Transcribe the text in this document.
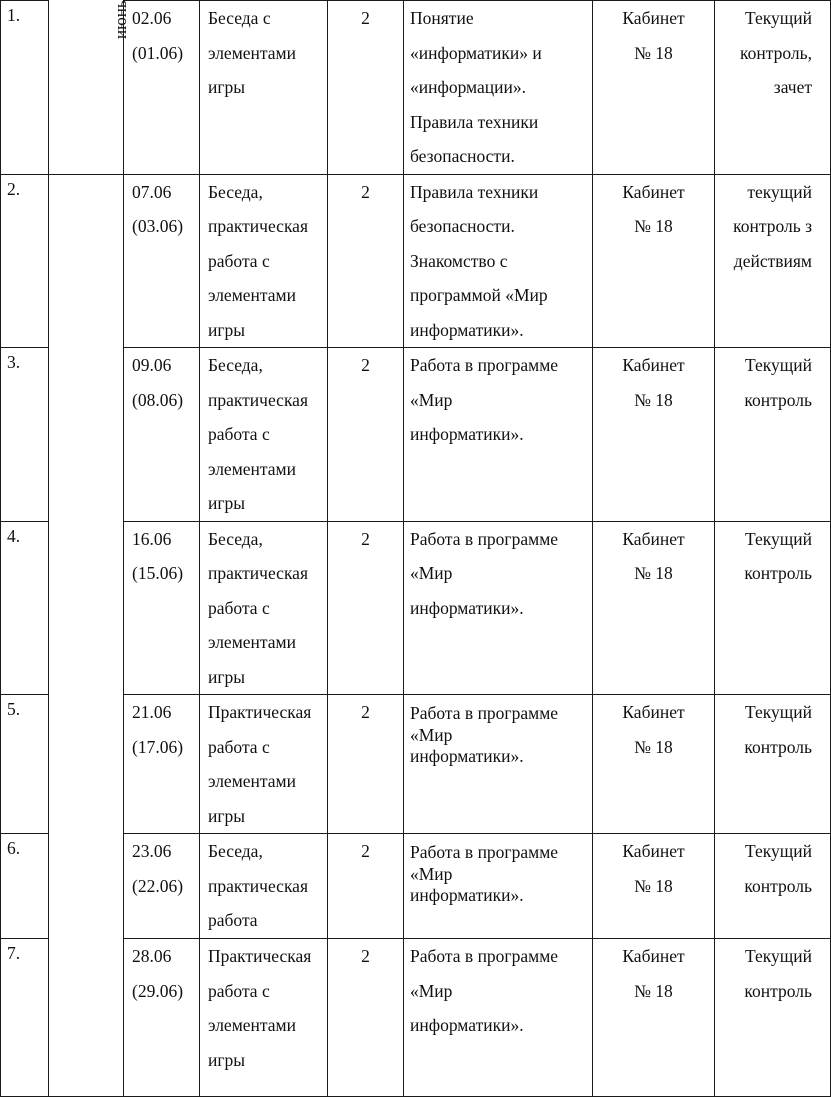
1.	июнь	02.06
(01.06)	Беседа с
элементами
игры	2	Понятие
«информатики» и
«информации».
Правила техники
безопасности.	Кабинет
№ 18	Текущий
контроль,
зачет

2.		07.06
(03.06)	Беседа,
практическая
работа с
элементами
игры	2	Правила техники
безопасности.
Знакомство с
программой «Мир
информатики».	Кабинет
№ 18	текущий
контроль з
действиям

3.		09.06
(08.06)	Беседа,
практическая
работа с
элементами
игры	2	Работа в программе
«Мир
информатики».	Кабинет
№ 18	Текущий
контроль

4.		16.06
(15.06)	Беседа,
практическая
работа с
элементами
игры	2	Работа в программе
«Мир
информатики».	Кабинет
№ 18	Текущий
контроль

5.		21.06
(17.06)	Практическая
работа с
элементами
игры	2	Работа в программе
«Мир
информатики».	Кабинет
№ 18	Текущий
контроль

6.		23.06
(22.06)	Беседа,
практическая
работа	2	Работа в программе
«Мир
информатики».	Кабинет
№ 18	Текущий
контроль

7.		28.06
(29.06)	Практическая
работа с
элементами
игры	2	Работа в программе
«Мир
информатики».	Кабинет
№ 18	Текущий
контроль
